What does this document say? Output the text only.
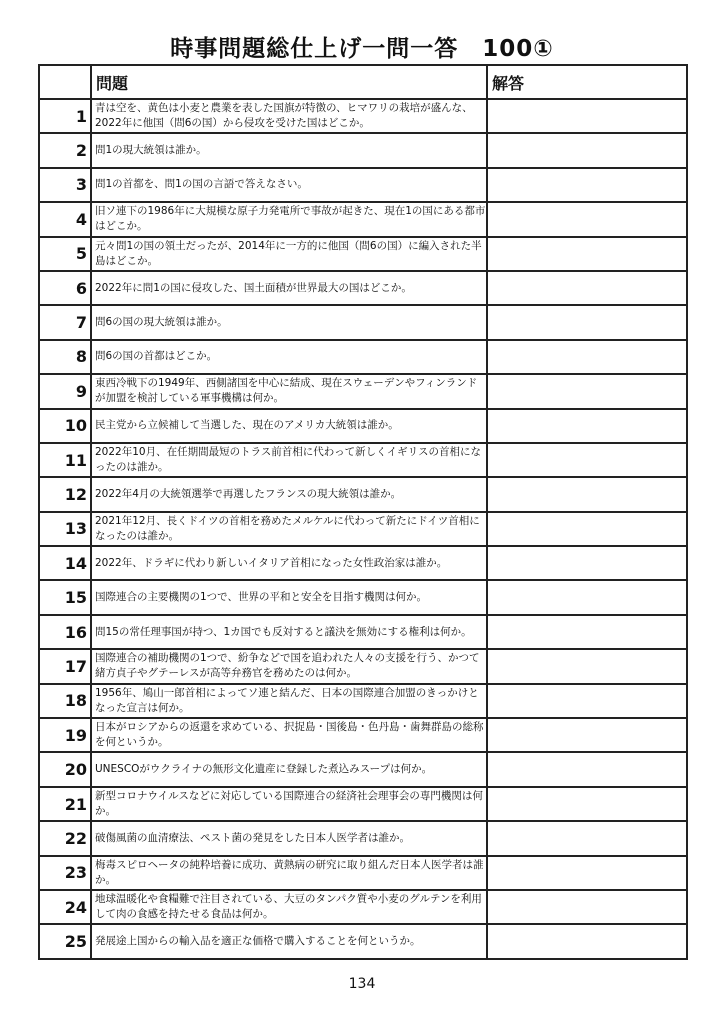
時事問題総仕上げ一問一答　100①
	問題	解答
1	青は空を、黄色は小麦と農業を表した国旗が特徴の、ヒマワリの栽培が盛んな、2022年に他国（問6の国）から侵攻を受けた国はどこか。	
2	問1の現大統領は誰か。	
3	問1の首都を、問1の国の言語で答えなさい。	
4	旧ソ連下の1986年に大規模な原子力発電所で事故が起きた、現在1の国にある都市はどこか。	
5	元々問1の国の領土だったが、2014年に一方的に他国（問6の国）に編入された半島はどこか。	
6	2022年に問1の国に侵攻した、国土面積が世界最大の国はどこか。	
7	問6の国の現大統領は誰か。	
8	問6の国の首都はどこか。	
9	東西冷戦下の1949年、西側諸国を中心に結成、現在スウェーデンやフィンランドが加盟を検討している軍事機構は何か。	
10	民主党から立候補して当選した、現在のアメリカ大統領は誰か。	
11	2022年10月、在任期間最短のトラス前首相に代わって新しくイギリスの首相になったのは誰か。	
12	2022年4月の大統領選挙で再選したフランスの現大統領は誰か。	
13	2021年12月、長くドイツの首相を務めたメルケルに代わって新たにドイツ首相になったのは誰か。	
14	2022年、ドラギに代わり新しいイタリア首相になった女性政治家は誰か。	
15	国際連合の主要機関の1つで、世界の平和と安全を目指す機関は何か。	
16	問15の常任理事国が持つ、1カ国でも反対すると議決を無効にする権利は何か。	
17	国際連合の補助機関の1つで、紛争などで国を追われた人々の支援を行う、かつて緒方貞子やグテーレスが高等弁務官を務めたのは何か。	
18	1956年、鳩山一郎首相によってソ連と結んだ、日本の国際連合加盟のきっかけとなった宣言は何か。	
19	日本がロシアからの返還を求めている、択捉島・国後島・色丹島・歯舞群島の総称を何というか。	
20	UNESCOがウクライナの無形文化遺産に登録した煮込みスープは何か。	
21	新型コロナウイルスなどに対応している国際連合の経済社会理事会の専門機関は何か。	
22	破傷風菌の血清療法、ペスト菌の発見をした日本人医学者は誰か。	
23	梅毒スピロヘータの純粋培養に成功、黄熱病の研究に取り組んだ日本人医学者は誰か。	
24	地球温暖化や食糧難で注目されている、大豆のタンパク質や小麦のグルテンを利用して肉の食感を持たせる食品は何か。	
25	発展途上国からの輸入品を適正な価格で購入することを何というか。	
134
